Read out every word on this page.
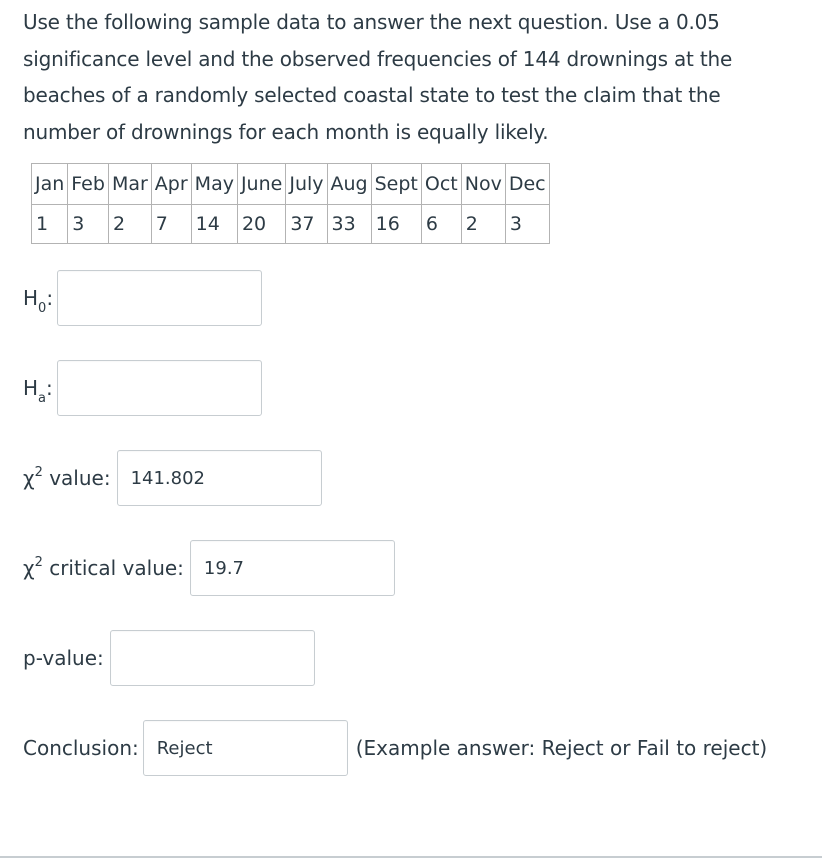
Use the following sample data to answer the next question. Use a 0.05
significance level and the observed frequencies of 144 drownings at the
beaches of a randomly selected coastal state to test the claim that the
number of drownings for each month is equally likely.
Jan	Feb	Mar	Apr	May	June	July	Aug	Sept	Oct	Nov	Dec
1	3	2	7	14	20	37	33	16	6	2	3
$H_0$:
$H_a$:
$\chi^2$ value:
141.802
$\chi^2$ critical value:
19.7
p-value:
Conclusion:
Reject	(Example answer: Reject or Fail to reject)
